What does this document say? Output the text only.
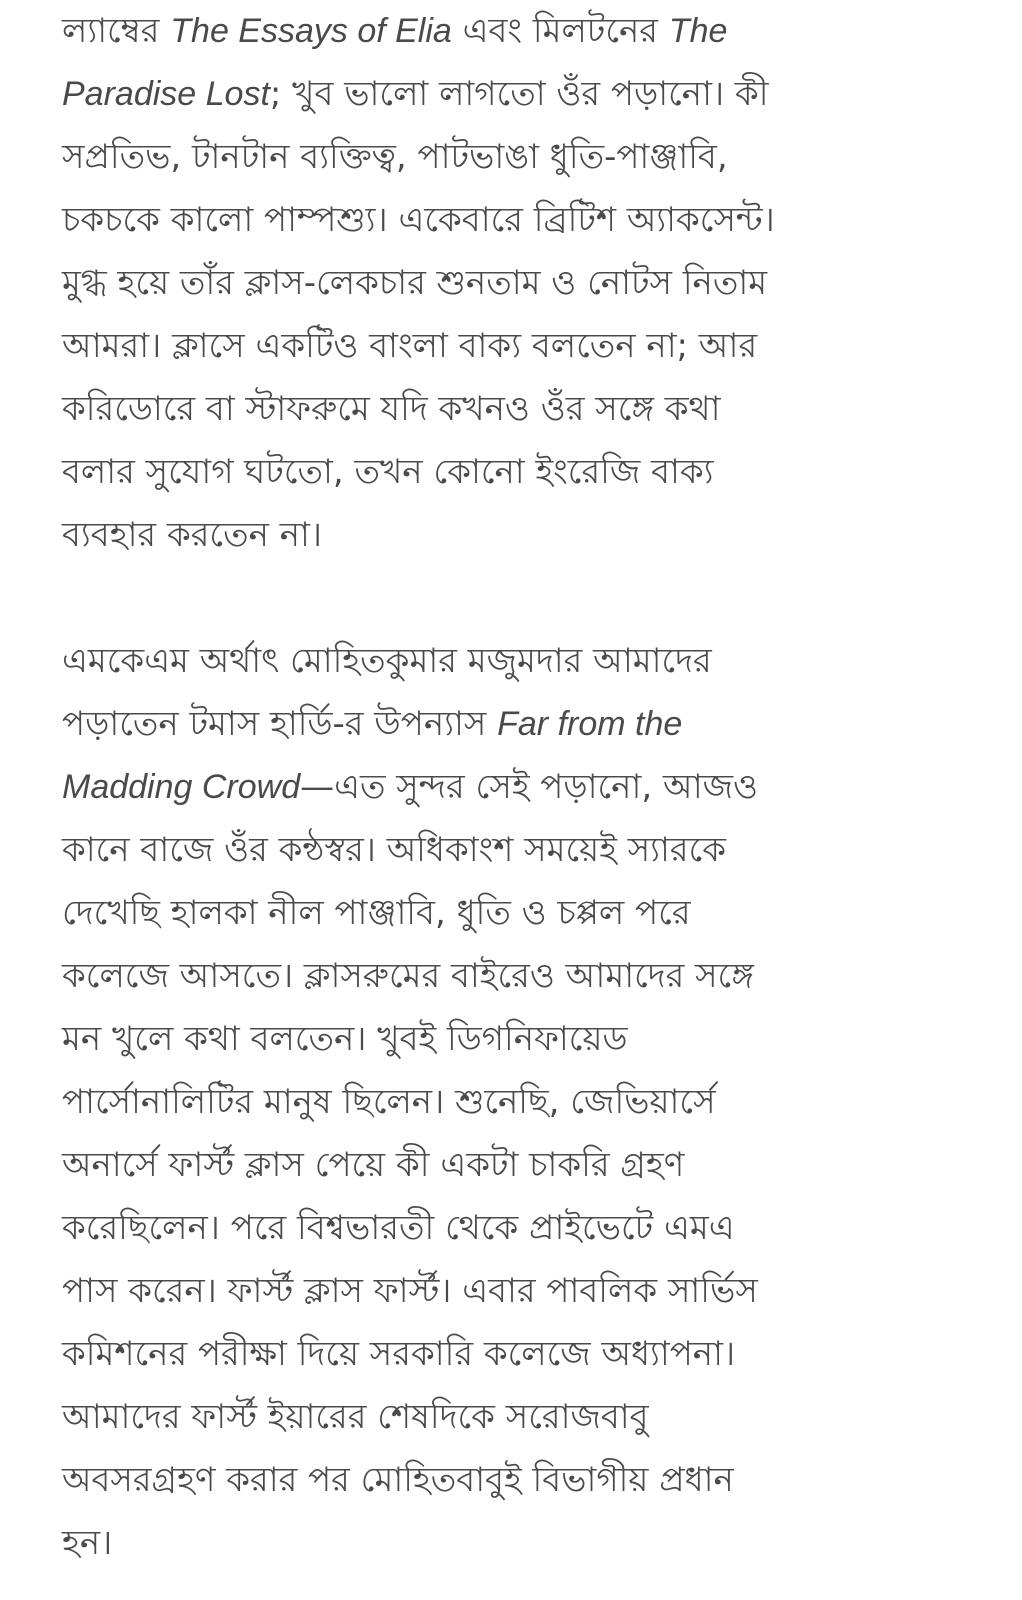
ল্যাম্বের The Essays of Elia এবং মিলটনের The
Paradise Lost; খুব ভালো লাগতো ওঁর পড়ানো। কী
সপ্রতিভ, টানটান ব্যক্তিত্ব, পাটভাঙা ধুতি-পাঞ্জাবি,
চকচকে কালো পাম্পশ্যু। একেবারে ব্রিটিশ অ্যাকসেন্ট।
মুগ্ধ হয়ে তাঁর ক্লাস-লেকচার শুনতাম ও নোটস নিতাম
আমরা। ক্লাসে একটিও বাংলা বাক্য বলতেন না; আর
করিডোরে বা স্টাফরুমে যদি কখনও ওঁর সঙ্গে কথা
বলার সুযোগ ঘটতো, তখন কোনো ইংরেজি বাক্য
ব্যবহার করতেন না।

এমকেএম অর্থাৎ মোহিতকুমার মজুমদার আমাদের
পড়াতেন টমাস হার্ডি-র উপন্যাস Far from the
Madding Crowd—এত সুন্দর সেই পড়ানো, আজও
কানে বাজে ওঁর কন্ঠস্বর। অধিকাংশ সময়েই স্যারকে
দেখেছি হালকা নীল পাঞ্জাবি, ধুতি ও চপ্পল পরে
কলেজে আসতে। ক্লাসরুমের বাইরেও আমাদের সঙ্গে
মন খুলে কথা বলতেন। খুবই ডিগনিফায়েড
পার্সোনালিটির মানুষ ছিলেন। শুনেছি, জেভিয়ার্সে
অনার্সে ফার্স্ট ক্লাস পেয়ে কী একটা চাকরি গ্রহণ
করেছিলেন। পরে বিশ্বভারতী থেকে প্রাইভেটে এমএ
পাস করেন। ফার্স্ট ক্লাস ফার্স্ট। এবার পাবলিক সার্ভিস
কমিশনের পরীক্ষা দিয়ে সরকারি কলেজে অধ্যাপনা।
আমাদের ফার্স্ট ইয়ারের শেষদিকে সরোজবাবু
অবসরগ্রহণ করার পর মোহিতবাবুই বিভাগীয় প্রধান
হন।
